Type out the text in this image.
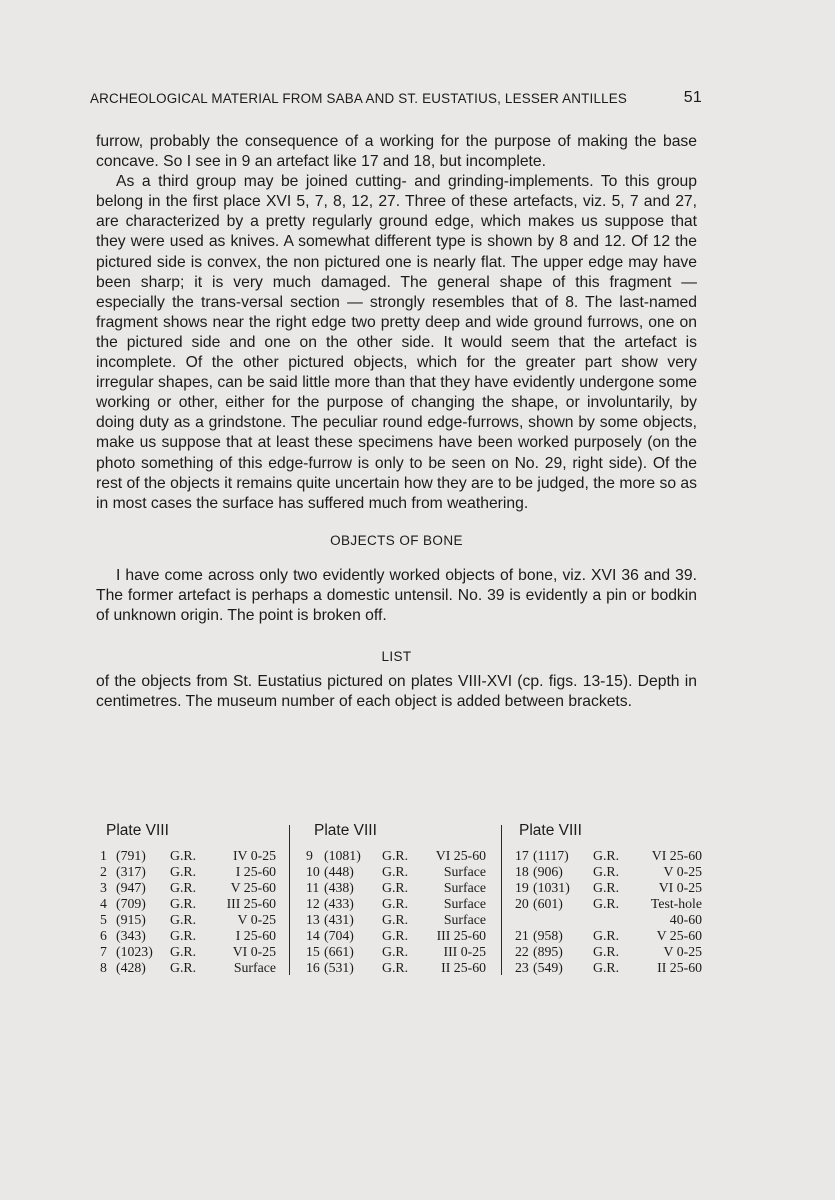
ARCHEOLOGICAL MATERIAL FROM SABA AND ST. EUSTATIUS, LESSER ANTILLES	51

furrow, probably the consequence of a working for the purpose of making the base concave. So I see in 9 an artefact like 17 and 18, but incomplete.

As a third group may be joined cutting- and grinding-implements. To this group belong in the first place XVI 5, 7, 8, 12, 27. Three of these artefacts, viz. 5, 7 and 27, are characterized by a pretty regularly ground edge, which makes us suppose that they were used as knives. A somewhat different type is shown by 8 and 12. Of 12 the pictured side is convex, the non pictured one is nearly flat. The upper edge may have been sharp; it is very much damaged. The general shape of this fragment — especially the trans-versal section — strongly resembles that of 8. The last-named fragment shows near the right edge two pretty deep and wide ground furrows, one on the pictured side and one on the other side. It would seem that the artefact is incomplete. Of the other pictured objects, which for the greater part show very irregular shapes, can be said little more than that they have evidently undergone some working or other, either for the purpose of changing the shape, or involuntarily, by doing duty as a grindstone. The peculiar round edge-furrows, shown by some objects, make us suppose that at least these specimens have been worked purposely (on the photo something of this edge-furrow is only to be seen on No. 29, right side). Of the rest of the objects it remains quite uncertain how they are to be judged, the more so as in most cases the surface has suffered much from weathering.

OBJECTS OF BONE

I have come across only two evidently worked objects of bone, viz. XVI 36 and 39. The former artefact is perhaps a domestic untensil. No. 39 is evidently a pin or bodkin of unknown origin. The point is broken off.

LIST

of the objects from St. Eustatius pictured on plates VIII-XVI (cp. figs. 13-15). Depth in centimetres. The museum number of each object is added between brackets.

Plate VIII
1 (791) G.R.	IV 0-25
2 (317) G.R.	I 25-60
3 (947) G.R.	V 25-60
4 (709) G.R. III 25-60
5 (915) G.R.	V 0-25
6 (343) G.R.	I 25-60
7 (1023) G.R.	VI 0-25
8 (428) G.R.	Surface
Plate VIII
9 (1081) G.R. VI 25-60
10 (448) G.R.	Surface
11 (438) G.R.	Surface
12 (433) G.R.	Surface
13 (431) G.R.	Surface
14 (704) G.R. III 25-60
15 (661) G.R.	III 0-25
16 (531) G.R. II 25-60
Plate VIII
17 (1117) G.R. VI 25-60
18 (906) G.R.	V 0-25
19 (1031) G.R.	VI 0-25
20 (601) G.R. Test-hole
40-60
21 (958) G.R.	V 25-60
22 (895) G.R.	V 0-25
23 (549) G.R.	II 25-60
